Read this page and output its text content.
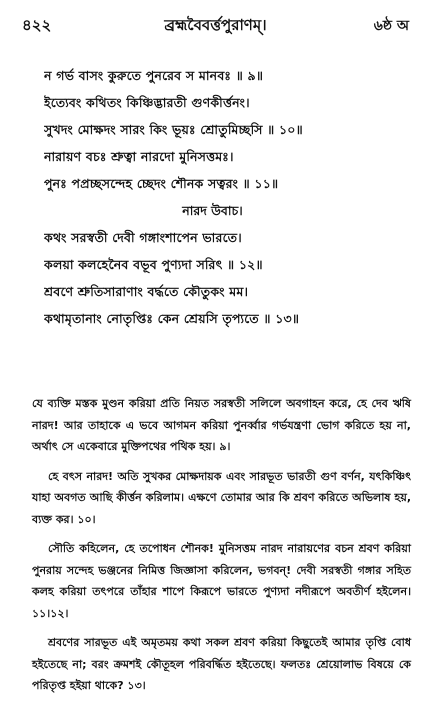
৪২২	ব্রহ্মবৈবর্ত্তপুরাণম্।	৬ষ্ঠ অ
ন গর্ভ বাসং কুরুতে পুনরেব স মানবঃ ॥ ৯॥
ইত্যেবং কথিতং কিঞ্চিদ্ভারতী গুণকীর্ত্তনং।
সুখদং মোক্ষদং সারং কিং ভূয়ঃ শ্রোতুমিচ্ছসি ॥ ১০॥
নারায়ণ বচঃ শ্রুত্বা নারদো মুনিসত্তমঃ।
পুনঃ পপ্রচ্ছসন্দেহ চ্ছেদং শৌনক সত্বরং ॥ ১১॥
নারদ উবাচ।
কথং সরস্বতী দেবী গঙ্গাংশাপেন ভারতে।
কলয়া কলহেনৈব বভূব পুণ্যদা সরিৎ ॥ ১২॥
শ্রবণে শ্রুতিসারাণাং বর্দ্ধতে কৌতুকং মম।
কথামৃতানাং নোতৃপ্তিঃ কেন শ্রেয়সি তৃপ্যতে ॥ ১৩॥

যে ব্যক্তি মস্তক মুণ্ডন করিয়া প্রতি নিয়ত সরস্বতী সলিলে অবগাহন করে, হে দেব ঋষি নারদ! আর তাহাকে এ ভবে আগমন করিয়া পুনর্ব্বার গর্ভযন্ত্রণা ভোগ করিতে হয় না, অর্থাৎ সে একেবারে মুক্তিপথের পথিক হয়। ৯।

হে বৎস নারদ! অতি সুখকর মোক্ষদায়ক এবং সারভূত ভারতী গুণ বর্ণন, যৎকিঞ্চিৎ যাহা অবগত আছি কীর্ত্তন করিলাম। এক্ষণে তোমার আর কি শ্রবণ করিতে অভিলাষ হয়, ব্যক্ত কর। ১০।

সৌতি কহিলেন, হে তপোধন শৌনক! মুনিসত্তম নারদ নারায়ণের বচন শ্রবণ করিয়া পুনরায় সন্দেহ ভঞ্জনের নিমিত্ত জিজ্ঞাসা করিলেন, ভগবন্! দেবী সরস্বতী গঙ্গার সহিত কলহ করিয়া তৎপরে তাঁহার শাপে কিরূপে ভারতে পুণ্যদা নদীরূপে অবতীর্ণ হইলেন। ১১।১২।

শ্রবণের সারভূত এই অমৃতময় কথা সকল শ্রবণ করিয়া কিছুতেই আমার তৃপ্তি বোধ হইতেছে না; বরং ক্রমশই কৌতূহল পরিবর্দ্ধিত হইতেছে। ফলতঃ শ্রেয়োলাভ বিষয়ে কে পরিতৃপ্ত হইয়া থাকে? ১৩।
